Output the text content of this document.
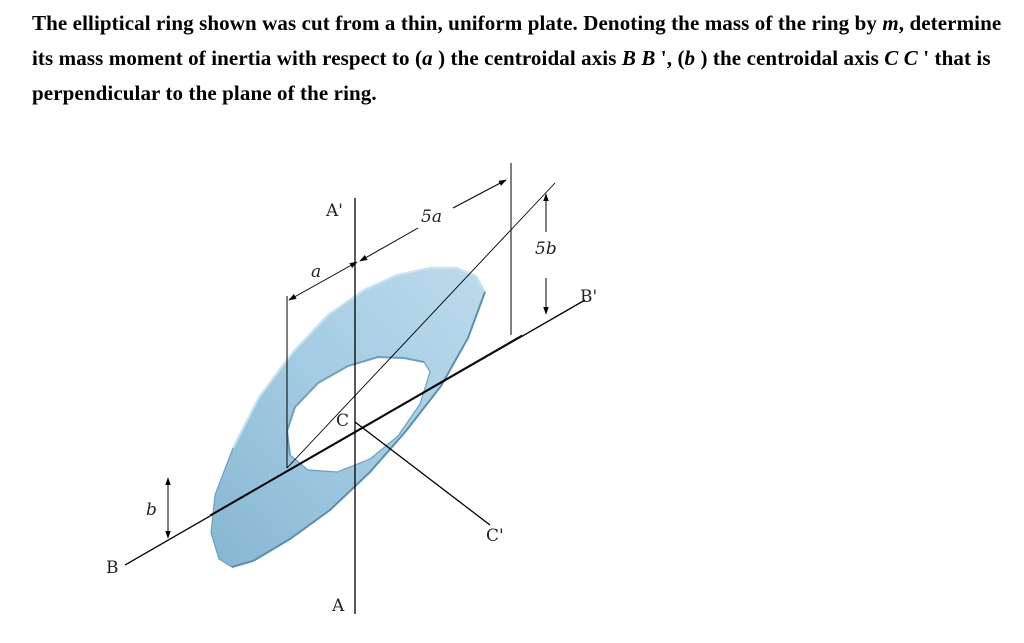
The elliptical ring shown was cut from a thin, uniform plate. Denoting the mass of the ring by m, determine its mass moment of inertia with respect to (a ) the centroidal axis B B ', (b ) the centroidal axis C C ' that is perpendicular to the plane of the ring.

a
5a
5b
b
A'
A
B
B'
C
C'
